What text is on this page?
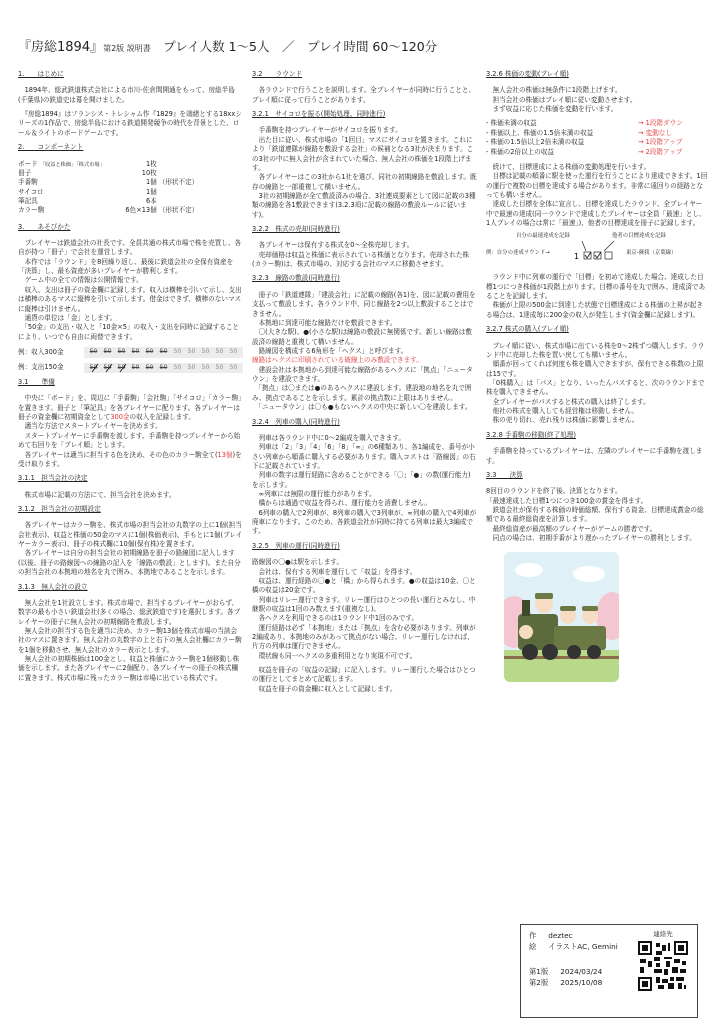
『房総1894』第2版 説明書　 プレイ人数 1〜5人　 ／　 プレイ時間 60〜120分
1.　　はじめに
　1894年、総武鉄道株式会社による市川-佐倉間開通をもって、房総半島(千葉県)の鉄道史は幕を開けました。
　『房総1894』はフランシス・トレシャム作『1829』を端緒とする18xxシリーズの1作品で、房総半島における鉄道開発競争の時代を背景とした、ロール＆ライトのボードゲームです。
2.　　コンポーネント
ボード 「収益と株価」「株式市場」	1枚	
冊子	10枚	
手番駒	1個	（形状不定）
サイコロ	1個	
筆記具	6本	
カラー駒	6色×13個	（形状不定）
3.　　あそびかた
　プレイヤーは鉄道会社の社長です。全員共通の株式市場で株を売買し、各自が持つ「冊子」で会社を運営します。
　本作では「ラウンド」を8回繰り返し、最後に鉄道会社の全保有資産を「決算」し、最も資産が多いプレイヤーが勝利します。
　ゲーム中の全ての情報は公開情報です。
　収入、支出は冊子の資金欄に記録します。収入は横棒を引いて示し、支出は横棒のあるマスに縦棒を引いて示します。借金はできず、横棒のないマスに縦棒は引けません。
　通貨の単位は「金」とします。
　「50金」の支出・収入と「10金×5」の収入・支出を同時に記録することにより、いつでも自由に両替できます。
例：収入300金	50	50	50	50	50	50	50	50	50	50	50
例：支出150金	50	50	50	50	50	50	50	50	50	50	50
3.1　　準備
　中央に「ボード」を、周辺に「手番駒」「会社駒」「サイコロ」「カラー駒」を置きます。冊子と「筆記具」を各プレイヤーに配ります。各プレイヤーは冊子の資金欄に初期資金として300金の収入を記録します。
　適当な方法でスタートプレイヤーを決めます。
　スタートプレイヤーに手番駒を渡します。手番駒を持つプレイヤーから始めて右回りを「プレイ順」とします。
　各プレイヤーは適当に担当する色を決め、その色のカラー駒全て(13個)を受け取ります。
3.1.1　担当会社の決定
　株式市場に記載の方法にて、担当会社を決めます。
3.1.2　担当会社の初期設定
　各プレイヤーはカラー駒を、株式市場の担当会社の丸数字の上に1個(担当会社表示)、収益と株価の50金のマスに1個(株価表示)、手もとに1個(プレイヤーカラー表示)、冊子の株式欄に10個(保有株)を置きます。
　各プレイヤーは自分の担当会社の初期線路を冊子の路線図に記入します(以後、冊子の路線図への線路の記入を「線路の敷設」とします)。また自分の担当会社の本拠地の地名を丸で囲み、本拠地であることを示します。
3.1.3　無人会社の設立
　無人会社を1社設立します。株式市場で、担当するプレイヤーがおらず、数字の最も小さい鉄道会社(多くの場合、総武鉄道です)を選択します。各プレイヤーの冊子に無人会社の初期線路を敷設します。
　無人会社の担当する色を適当に決め、カラー駒13個を株式市場の当該会社のマスに置きます。無人会社の丸数字の上と右下の無人会社欄にカラー駒を1個を移動させ、無人会社のカラー表示とします。
　無人会社の初期株価は100金とし、収益と株価にカラー駒を1個移動し株価を示します。また各プレイヤーに2個配り、各プレイヤーの冊子の株式欄に置きます。株式市場に残ったカラー駒は市場に出ている株式です。
3.2　　ラウンド
　各ラウンドで行うことを説明します。全プレイヤーが同時に行うことと、プレイ順に従って行うことがあります。
3.2.1　サイコロを振る(開始処理、同時進行)
　手番駒を持つプレイヤーがサイコロを振ります。
　出た目に従い、株式市場の「1回目」マスにサイコロを置きます。これにより「鉄道連隊が線路を敷設する会社」の候補となる3社が決まります。この3社の中に無人会社が含まれていた場合、無人会社の株価を1段階上げます。
　各プレイヤーはこの3社から1社を選び、同社の初期線路を敷設します。既存の線路と一部重複して構いません。
　3社の初期線路が全て敷設済みの場合、3社連成要素として図に記載の3種類の線路を各1敷設できます(3.2.3項に記載の線路の敷設ルールに従います)。
3.2.2　株式の売却(同時進行)
　各プレイヤーは保有する株式を0〜全株売却します。
　売却価格は収益と株価に表示されている株価となります。売却された株(カラー駒)は、株式市場の、対応する会社のマスに移動させます。
3.2.3　線路の敷設(同時進行)
　冊子の「鉄道連隊」「建設会社」に記載の線路(各1)を、図に記載の費用を支払って敷設します。各ラウンド中、同じ線路を2つ以上敷設することはできません。
　本拠地に到達可能な線路だけを敷設できます。
　〇(大きな駅)、●(小さな駅)は線路の敷設に無関係です。新しい線路は敷設済の線路と重複して構いません。
　路線図を構成する6角形を「ヘクス」と呼びます。
線路はヘクスに印刷されている破線上のみ敷設できます。
　建設会社は本拠地から到達可能な線路があるヘクスに「拠点」「ニュータウン」を建設できます。
　「拠点」は〇または●のあるヘクスに建設します。建設地の地名を丸で囲み、拠点であることを示します。累計の拠点数に上限はありません。
　「ニュータウン」は〇も●もないヘクスの中央に新しい〇を建設します。
3.2.4　列車の購入(同時進行)
　列車は各ラウンド中に0〜2編成を購入できます。
　列車は「2」「3」「4」「6」「8」「∞」の6種類あり、各1編成を、番号が小さい列車から順番に購入する必要があります。購入コストは「路線図」の右下に記載されています。
　列車の数字は運行経路に含めることができる「〇」「●」の数(運行能力)を示します。
　∞列車には無限の運行能力があります。
　橋からは通過で収益を得られ、運行能力を消費しません。
　6列車の購入で2列車が、8列車の購入で3列車が、∞列車の購入で4列車が廃車になります。このため、各鉄道会社が同時に持てる列車は最大3編成です。
3.2.5　列車の運行(同時進行)
路線図の〇●は駅を示します。
　会社は、保有する列車を運行して「収益」を得ます。
　収益は、運行経路の〇●と「橋」から得られます。●の収益は10金、〇と橋の収益は20金です。
　列車はリレー運行できます。リレー運行はひとつの長い運行とみなし、中継駅の収益は1回のみ数えます(重複なし)。
　各ヘクスを利用できるのは1ラウンド中1回のみです。
　運行経路は必ず「本拠地」または「拠点」を含む必要があります。列車が2編成あり、本拠地のみがあって拠点がない場合、リレー運行しなければ、片方の列車は運行できません。
　環状線も同一ヘクスの多重利用となり実現不可です。
　収益を冊子の「収益の記録」に記入します。リレー運行した場合はひとつの運行としてまとめて記載します。
　収益を冊子の資金欄に収入として記録します。
3.2.6 株価の変動(プレイ順)
　無人会社の株価は無条件に1段階上げます。
　担当会社の株価はプレイ順に従い変動させます。
　まず収益に応じた株価を変動を行います。
- 株価未満の収益	→ 1段階ダウン
- 株価以上、株価の1.5倍未満の収益	→ 変動なし
- 株価の1.5倍以上2倍未満の収益	→ 1段階アップ
- 株価の2倍以上の収益	→ 2段階アップ
　続けて、目標達成による株価の変動処理を行います。
　目標は記載の順番に駅を使った運行を行うことにより達成できます。1回の運行で複数の目標を達成する場合があります。非常に遠回りの経路となっても構いません。
　達成した目標を全体に宣言し、目標を達成したラウンド、全プレイヤー中で最速の達成(同一ラウンドで達成したプレイヤーは全員「最速」とし、1人プレイの場合は常に「最速」)、他者の目標達成を冊子に記録します。
自分の最速達成を記録	他者の目標達成を記録
例：自分の達成ラウンド→	1	東京-蘇我（京葉線）
　ラウンド中に列車の運行で「目標」を初めて達成した場合、達成した目標1つにつき株価が1段階上がります。目標の番号を丸で囲み、達成済であることを記録します。
　株価が上限の500金に到達した状態で目標達成による株価の上昇が起きる場合は、1達成毎に200金の収入が発生します(資金欄に記録します)。
3.2.7 株式の購入(プレイ順)
　プレイ順に従い、株式市場に出ている株を0〜2株ずつ購入します。ラウンド中に売却した株を買い戻しても構いません。
　順番が回ってくれば何度も株を購入できますが、保有できる株数の上限は15です。
　「0株購入」は「パス」となり、いったんパスすると、次のラウンドまで株を購入できません。
　全プレイヤーがパスすると株式の購入は終了します。
　他社の株式を購入しても経営権は移動しません。
　株の売り切れ、売れ残りは株価に影響しません。
3.2.8 手番駒の移動(終了処理)
　手番駒を持っているプレイヤーは、左隣のプレイヤーに手番駒を渡します。
3.3　　決算
8回目のラウンドを終了後、決算となります。
「最速達成した目標1つにつき100金の賞金を得ます。
　鉄道会社が保有する株価の時価総額、保有する資金、目標達成賞金の総額である最終総資産を計算します。
　最終総資産が最高額のプレイヤーがゲームの勝者です。
　同点の場合は、初期手番がより遅かったプレイヤーの勝利とします。
作 deztec
絵 イラストAC, Gemini
第1版 2024/03/24
第2版 2025/10/08
連絡先
